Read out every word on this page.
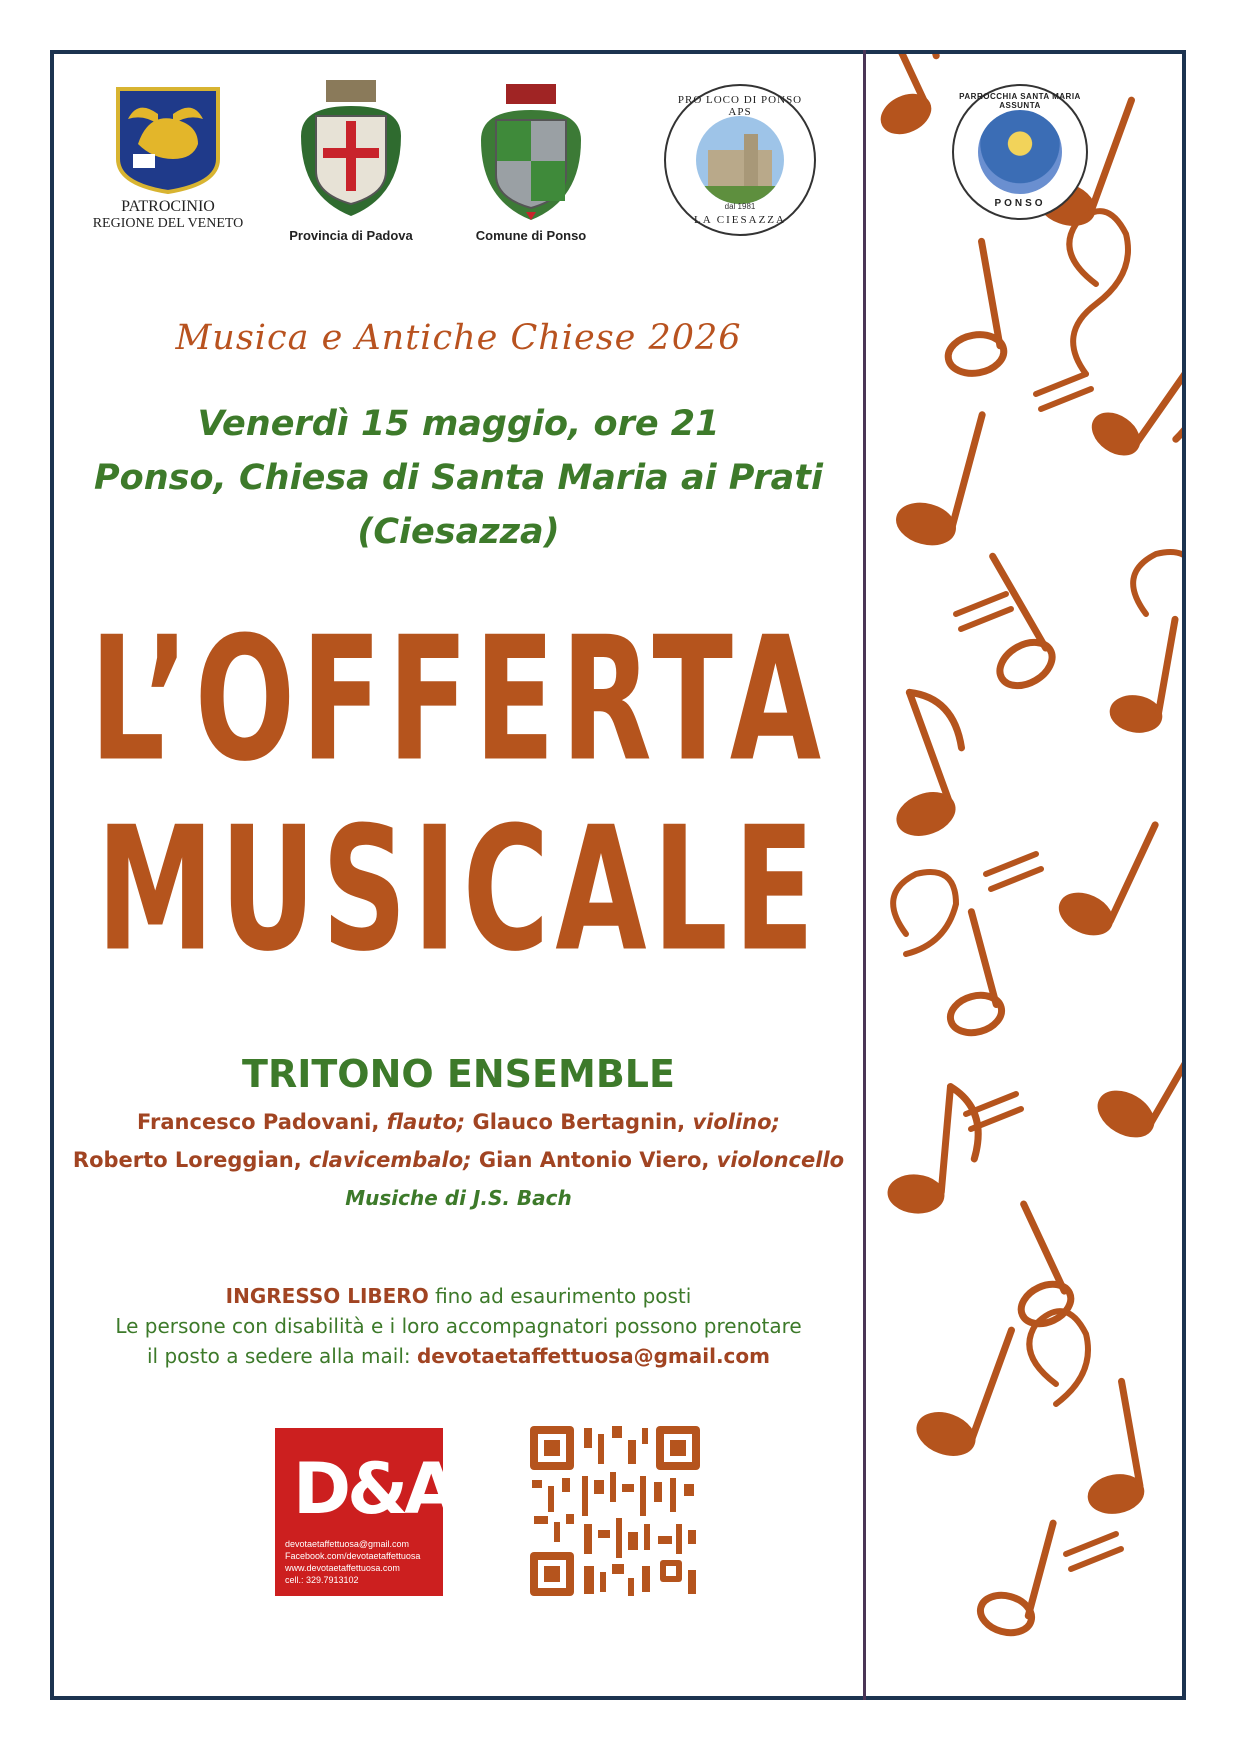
PARROCCHIA SANTA MARIA ASSUNTA
PONSO
PATROCINIO
REGIONE DEL VENETO
Provincia di Padova	Comune di Ponso
PRO LOCO DI PONSO APS
dal 1981
LA CIESAZZA
Musica e Antiche Chiese 2026
Venerdì 15 maggio, ore 21
Ponso, Chiesa di Santa Maria ai Prati
(Ciesazza)
L’OFFERTA
MUSICALE
TRITONO ENSEMBLE
Francesco Padovani, flauto; Glauco Bertagnin, violino;
Roberto Loreggian, clavicembalo; Gian Antonio Viero, violoncello
Musiche di J.S. Bach
INGRESSO LIBERO fino ad esaurimento posti
Le persone con disabilità e i loro accompagnatori possono prenotare
il posto a sedere alla mail: devotaetaffettuosa@gmail.com
D&A
devotaetaffettuosa@gmail.com
Facebook.com/devotaetaffettuosa
www.devotaetaffettuosa.com
cell.: 329.7913102
